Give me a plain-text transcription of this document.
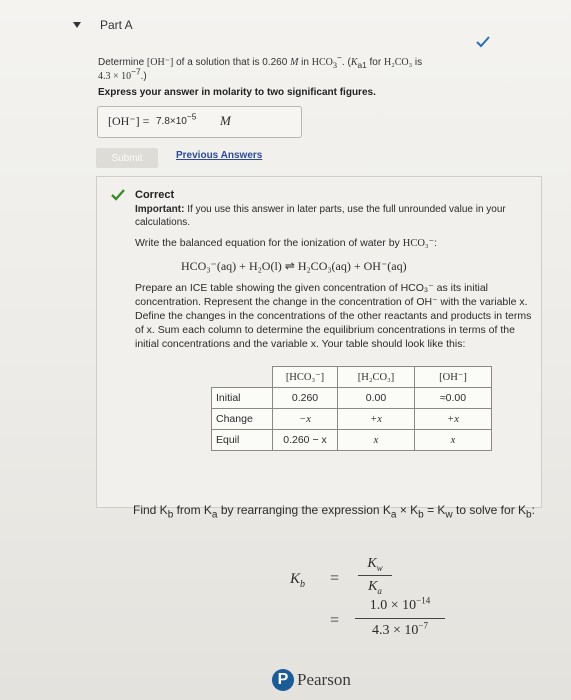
Part A
Determine [OH⁻] of a solution that is 0.260 M in $HCO_3^-$. ($K_{a1}$ for H₂CO₃ is
$4.3 \times 10^{-7}$.)
Express your answer in molarity to two significant figures.
$[OH^-] = 7.8\times 10^{-5}$ M
Submit	Previous Answers
Correct
Important: If you use this answer in later parts, use the full unrounded value in your calculations.
Write the balanced equation for the ionization of water by HCO₃⁻:
HCO₃⁻(aq) + H₂O(l) ⇌ H₂CO₃(aq) + OH⁻(aq)
Prepare an ICE table showing the given concentration of HCO₃⁻ as its initial concentration. Represent the change in the concentration of OH⁻ with the variable x. Define the changes in the concentrations of the other reactants and products in terms of x. Sum each column to determine the equilibrium concentrations in terms of the initial concentrations and the variable x. Your table should look like this:
	[HCO₃⁻]	[H₂CO₃]	[OH⁻]
Initial	0.260	0.00	≈0.00
Change	−x	+x	+x
Equil	0.260 − x	x	x
Find $K_b$ from $K_a$ by rearranging the expression $K_a \times K_b = K_w$ to solve for $K_b$:
$K_b$ =
$K_w$
$K_a$
=
$1.0 \times 10^{-14}$
$4.3 \times 10^{-7}$
P Pearson
